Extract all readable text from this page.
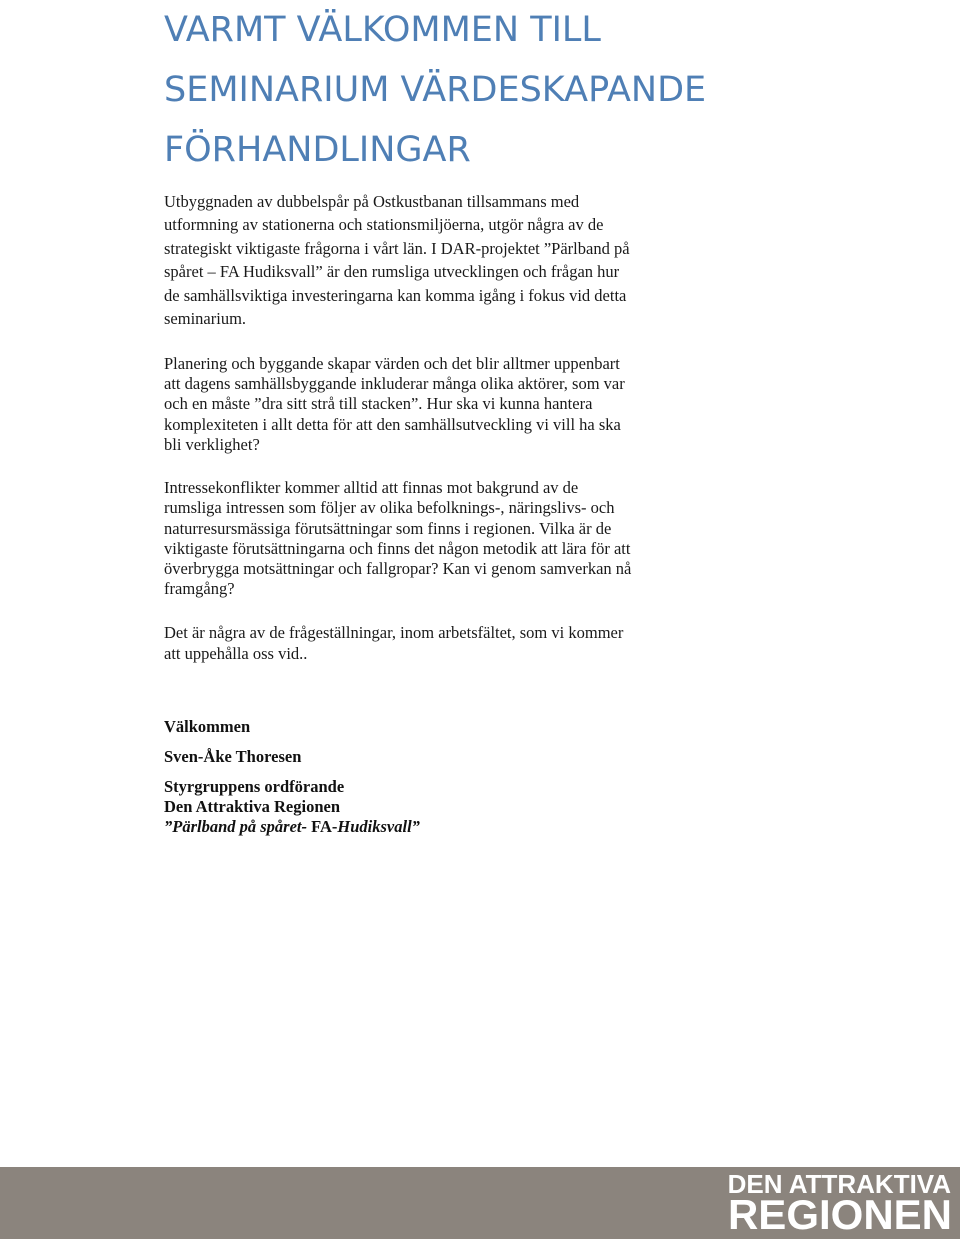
VARMT VÄLKOMMEN TILL
SEMINARIUM VÄRDESKAPANDE
FÖRHANDLINGAR

Utbyggnaden av dubbelspår på Ostkustbanan tillsammans med
utformning av stationerna och stationsmiljöerna, utgör några av de
strategiskt viktigaste frågorna i vårt län. I DAR-projektet ”Pärlband på
spåret – FA Hudiksvall” är den rumsliga utvecklingen och frågan hur
de samhällsviktiga investeringarna kan komma igång i fokus vid detta
seminarium.

Planering och byggande skapar värden och det blir alltmer uppenbart
att dagens samhällsbyggande inkluderar många olika aktörer, som var
och en måste ”dra sitt strå till stacken”. Hur ska vi kunna hantera
komplexiteten i allt detta för att den samhällsutveckling vi vill ha ska
bli verklighet?

Intressekonflikter kommer alltid att finnas mot bakgrund av de
rumsliga intressen som följer av olika befolknings-, näringslivs- och
naturresursmässiga förutsättningar som finns i regionen. Vilka är de
viktigaste förutsättningarna och finns det någon metodik att lära för att
överbrygga motsättningar och fallgropar? Kan vi genom samverkan nå
framgång?

Det är några av de frågeställningar, inom arbetsfältet, som vi kommer
att uppehålla oss vid..

Välkommen
Sven-Åke Thoresen
Styrgruppens ordförande
Den Attraktiva Regionen
”Pärlband på spåret- FA-Hudiksvall”
DEN ATTRAKTIVA
REGIONEN
